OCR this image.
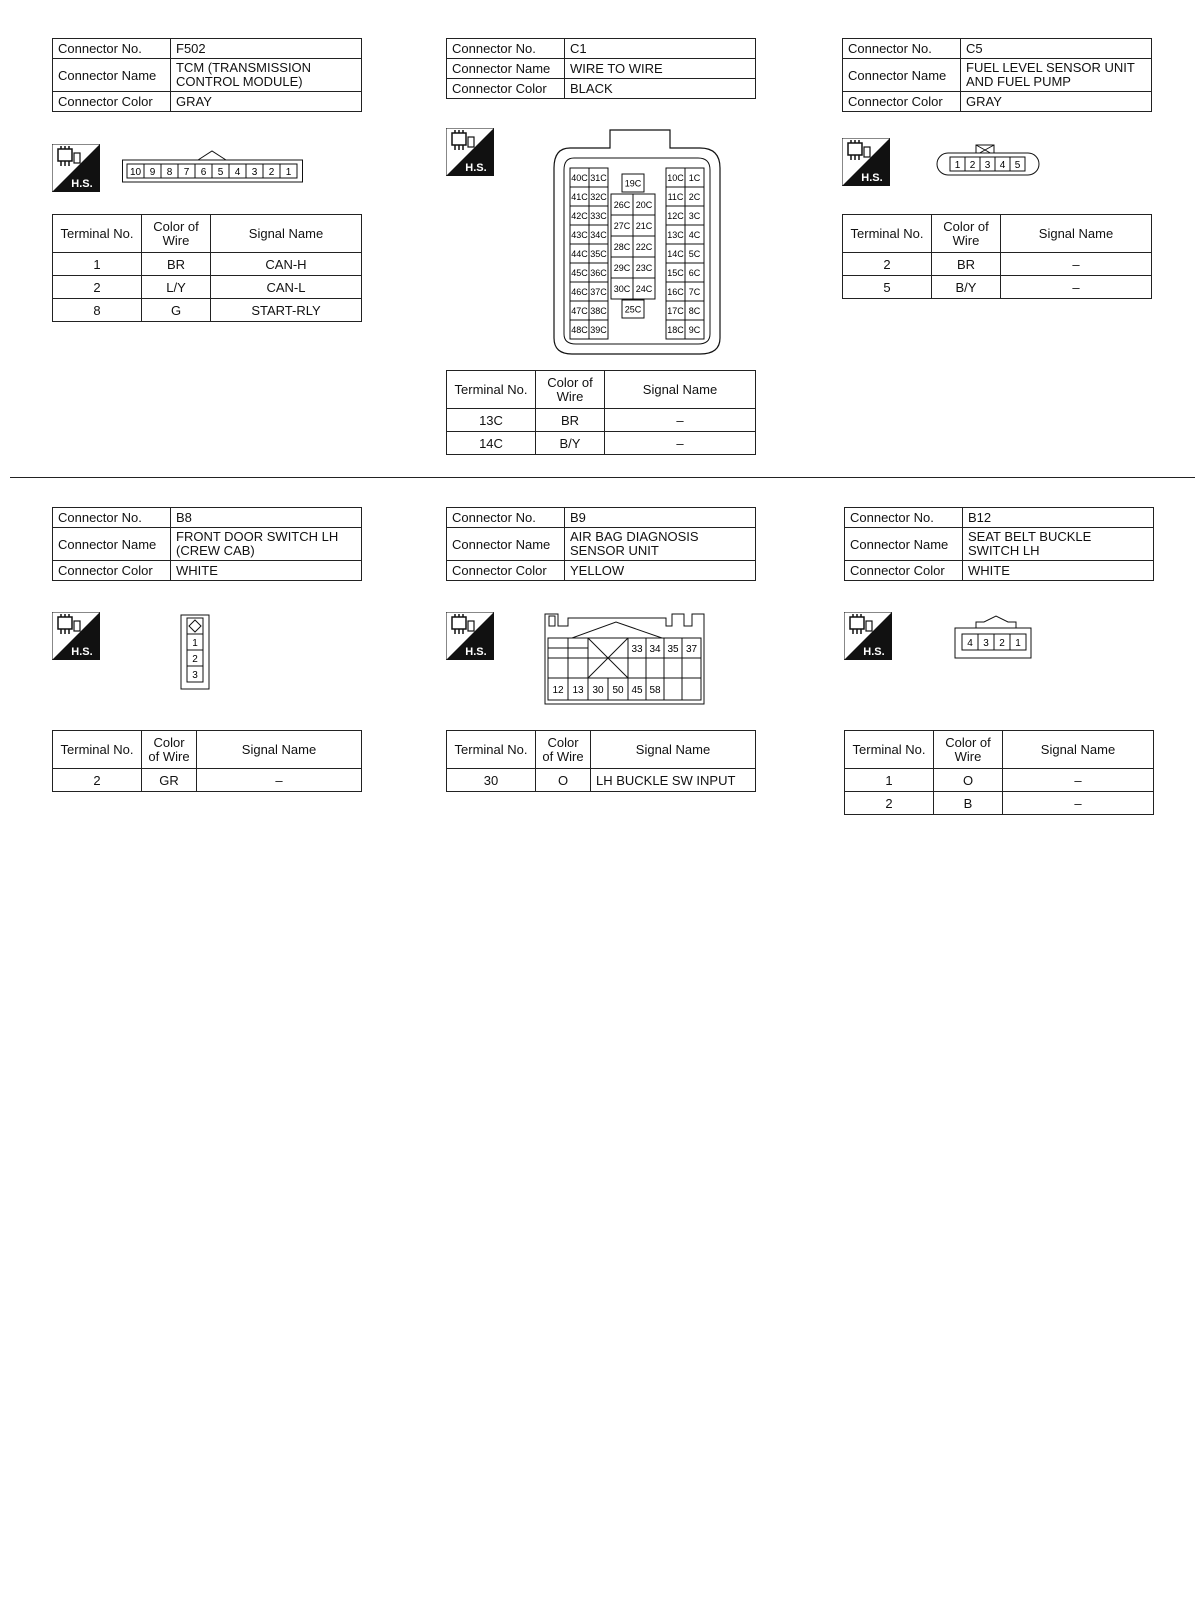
Connector No.	F502
Connector Name	TCM (TRANSMISSION
CONTROL MODULE)

Connector Color	GRAY
H.S.
10 9 8 7 6 5 4 3 2 1
Terminal No.	Color of Wire	Signal Name
1	BR	CAN-H
2	L/Y	CAN-L
8	G	START-RLY
Connector No.	C1
Connector Name	WIRE TO WIRE
Connector Color	BLACK
H.S.
40C 31C
41C 32C
42C 33C
43C 34C
44C 35C
45C 36C
46C 37C
47C 38C
48C 39C
19C
26C 20C
27C 21C
28C 22C
29C 23C
30C 24C
25C
10C 1C
11C 2C
12C 3C
13C 4C
14C 5C
15C 6C
16C 7C
17C 8C
18C 9C
Terminal No.	Color of Wire	Signal Name
13C	BR	–
14C	B/Y	–
Connector No.	C5
Connector Name	FUEL LEVEL SENSOR UNIT
AND FUEL PUMP

Connector Color	GRAY
H.S.
1 2 3 4 5
Terminal No.	Color of Wire	Signal Name
2	BR	–
5	B/Y	–
Connector No.	B8
Connector Name	FRONT DOOR SWITCH LH
(CREW CAB)

Connector Color	WHITE
H.S.
1
2
3
Terminal No.	Color of Wire	Signal Name
2	GR	–
Connector No.	B9
Connector Name	AIR BAG DIAGNOSIS
SENSOR UNIT

Connector Color	YELLOW
H.S.	33 34 35 37
12 13 30 50 45 58
Terminal No.	Color of Wire	Signal Name
30	O	LH BUCKLE SW INPUT
Connector No.	B12
Connector Name	SEAT BELT BUCKLE
SWITCH LH

Connector Color	WHITE
H.S.
4 3 2 1
Terminal No.	Color of Wire	Signal Name
1	O	–
2	B	–
